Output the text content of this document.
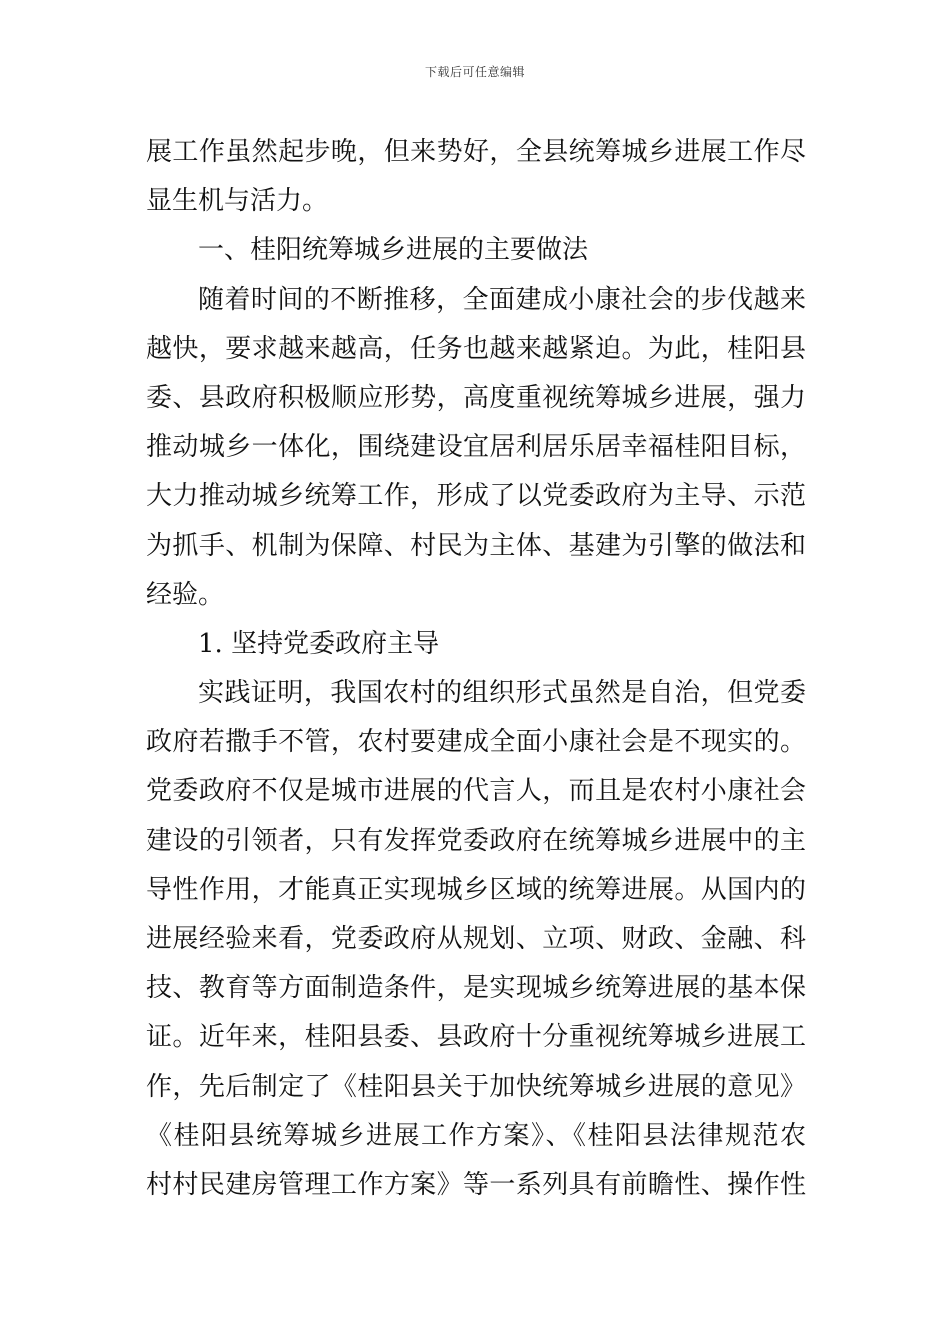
下载后可任意编辑
展工作虽然起步晚，但来势好，全县统筹城乡进展工作尽
显生机与活力。
一、桂阳统筹城乡进展的主要做法
随着时间的不断推移，全面建成小康社会的步伐越来
越快，要求越来越高，任务也越来越紧迫。为此，桂阳县
委、县政府积极顺应形势，高度重视统筹城乡进展，强力
推动城乡一体化，围绕建设宜居利居乐居幸福桂阳目标，
大力推动城乡统筹工作，形成了以党委政府为主导、示范
为抓手、机制为保障、村民为主体、基建为引擎的做法和
经验。
1. 坚持党委政府主导
实践证明，我国农村的组织形式虽然是自治，但党委
政府若撒手不管，农村要建成全面小康社会是不现实的。
党委政府不仅是城市进展的代言人，而且是农村小康社会
建设的引领者，只有发挥党委政府在统筹城乡进展中的主
导性作用，才能真正实现城乡区域的统筹进展。从国内的
进展经验来看，党委政府从规划、立项、财政、金融、科
技、教育等方面制造条件，是实现城乡统筹进展的基本保
证。近年来，桂阳县委、县政府十分重视统筹城乡进展工
作，先后制定了《桂阳县关于加快统筹城乡进展的意见》
《桂阳县统筹城乡进展工作方案》、《桂阳县法律规范农
村村民建房管理工作方案》等一系列具有前瞻性、操作性
